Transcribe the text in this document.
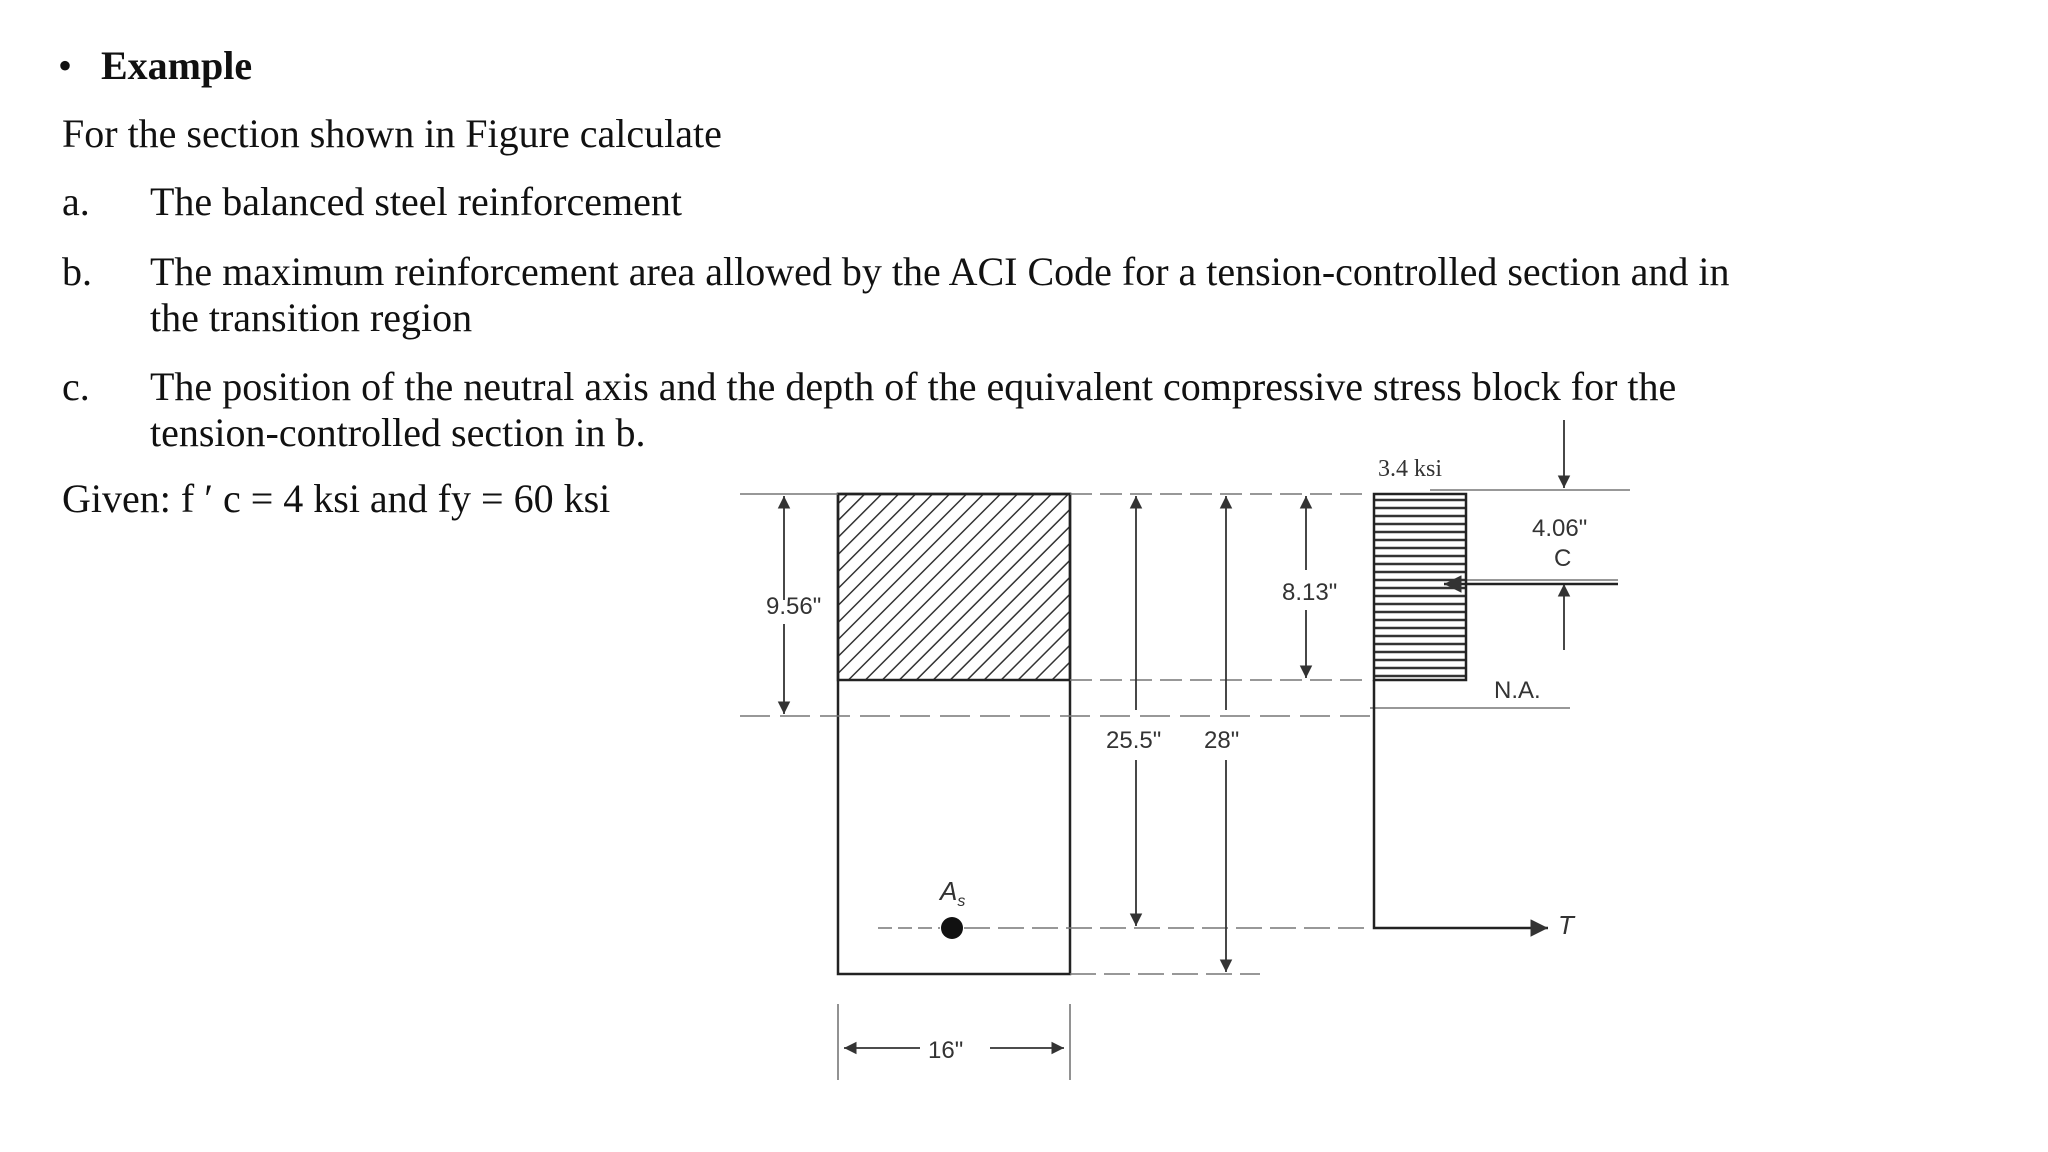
• Example
For the section shown in Figure calculate
a. The balanced steel reinforcement
b. The maximum reinforcement area allowed by the ACI Code for a tension-controlled section and in
the transition region
c. The position of the neutral axis and the depth of the equivalent compressive stress block for the
tension-controlled section in b.
Given: f ′ c = 4 ksi and fy = 60 ksi
9.56"
25.5" 28"
8.13"
3.4 ksi
4.06"
C
T
N.A.
16"
$A_s$
